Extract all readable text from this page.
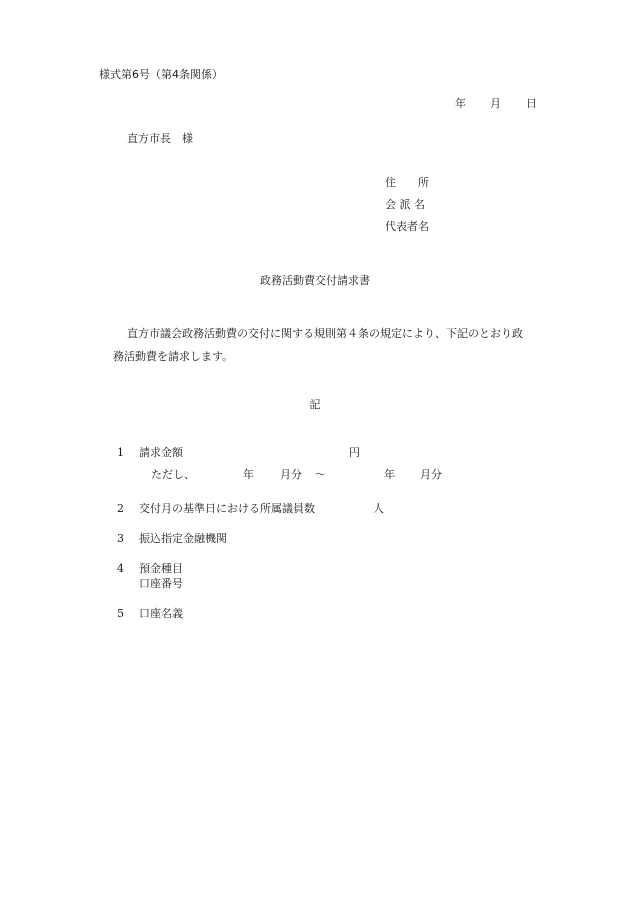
様式第6号（第4条関係）
年 月 日
直方市長　様
住　　所
会 派 名
代表者名
政務活動費交付請求書
直方市議会政務活動費の交付に関する規則第４条の規定により、下記のとおり政
務活動費を請求します。
記
1 請求金額	円
ただし、	年 月分 ～	年 月分
2 交付月の基準日における所属議員数	人
3 振込指定金融機関
4 預金種目
口座番号
5 口座名義
